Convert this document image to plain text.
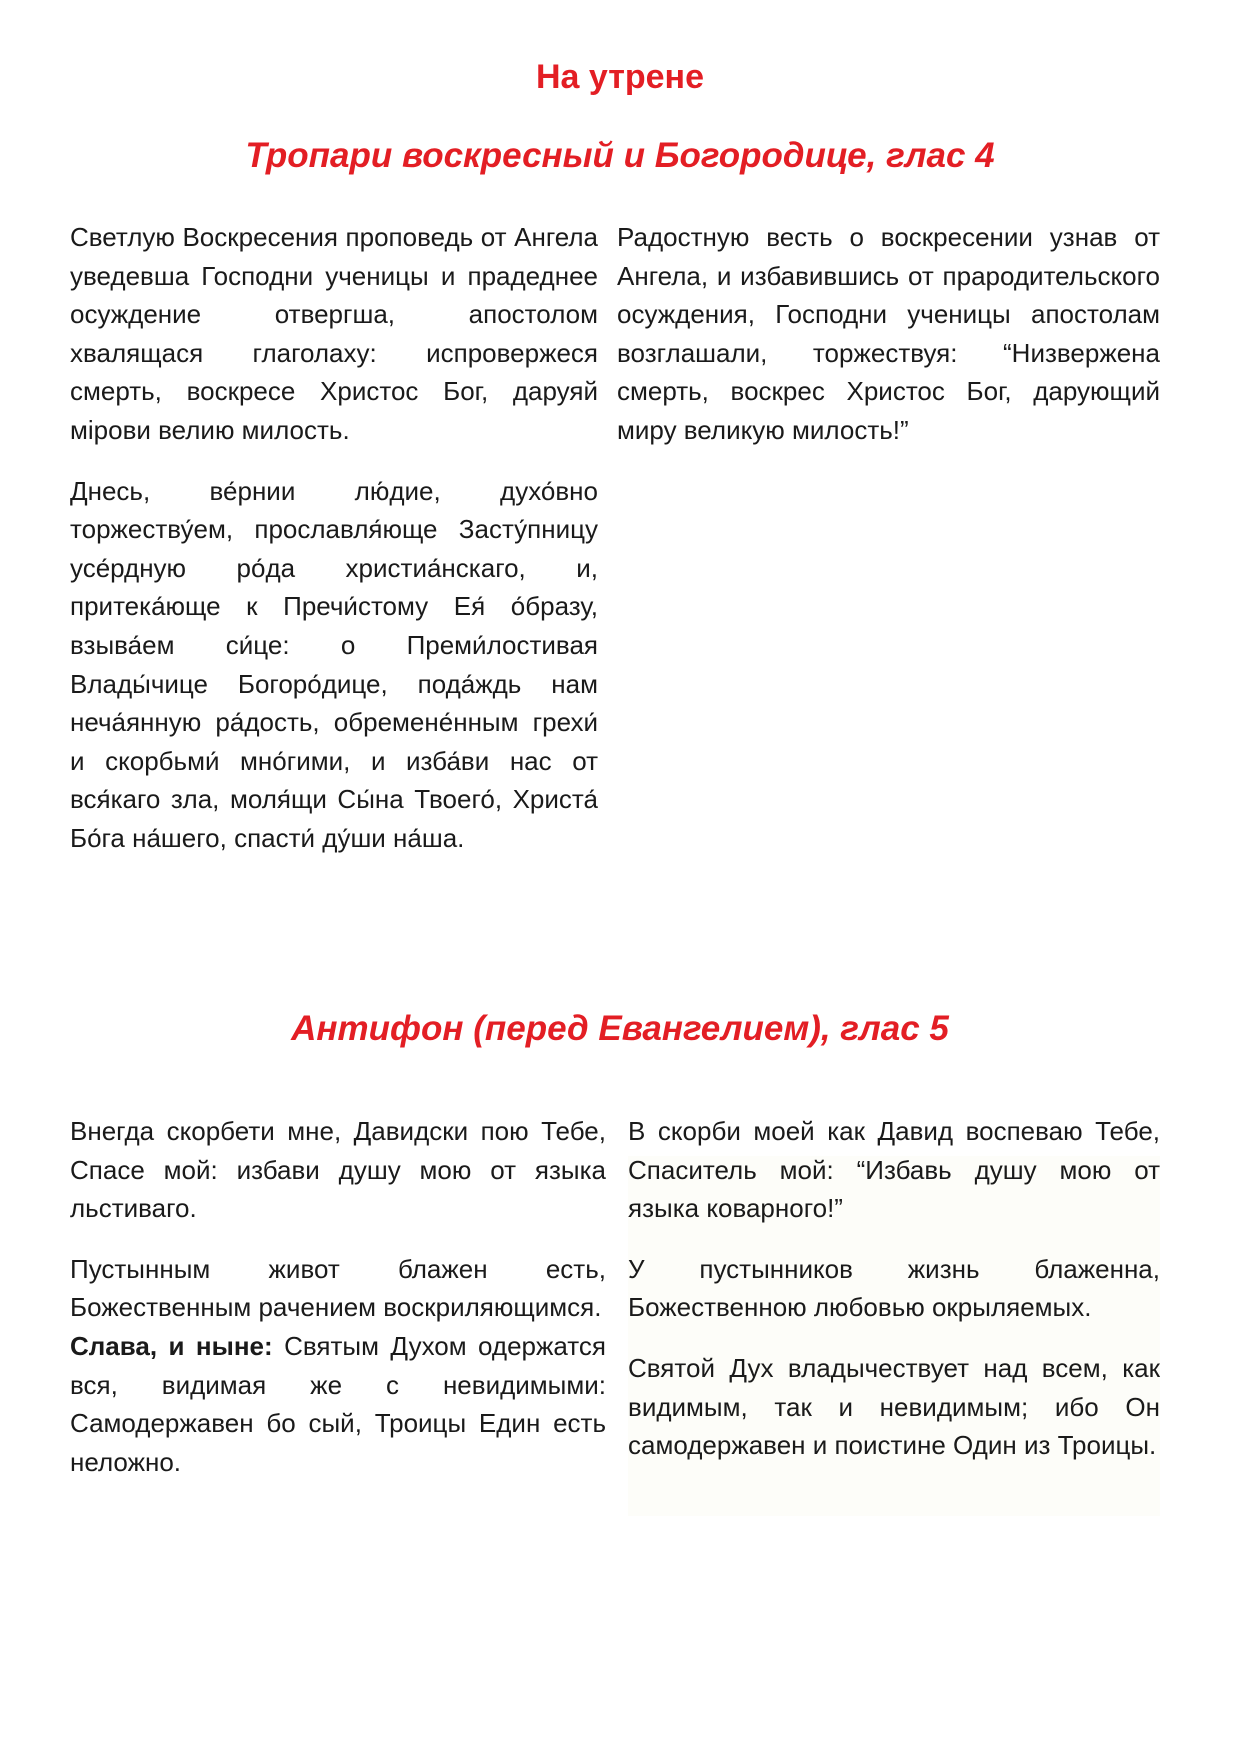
На утрене
Тропари воскресный и Богородице, глас 4

Светлую Воскресения проповедь от Ангела уведевша Господни ученицы и прадеднее осуждение отвергша, апостолом хвалящася глаголаху: испровержеся смерть, воскресе Христос Бог, даруяй мірови велию милость.

Днесь, ве́рнии лю́дие, духо́вно торжеству́ем, прославля́юще Засту́пницу усе́рдную ро́да христиа́нскаго, и, притека́юще к Пречи́стому Ея́ о́бразу, взыва́ем си́це: о Преми́лостивая Влады́чице Богоро́дице, пода́ждь нам неча́янную ра́дость, обремене́нным грехи́ и скорбьми́ мно́гими, и изба́ви нас от вся́каго зла, моля́щи Сы́на Твоего́, Христа́ Бо́га на́шего, спасти́ ду́ши на́ша.

Радостную весть о воскресении узнав от Ангела, и избавившись от прародительского осуждения, Господни ученицы апостолам возглашали, торжествуя: “Низвержена смерть, воскрес Христос Бог, дарующий миру великую милость!”

Антифон (перед Евангелием), глас 5

Внегда скорбети мне, Давидски пою Тебе, Спасе мой: избави душу мою от языка льстиваго.

Пустынным живот блажен есть, Божественным рачением воскриляющимся.

Слава, и ныне: Святым Духом одержатся вся, видимая же с невидимыми: Самодержавен бо сый, Троицы Един есть неложно.

В скорби моей как Давид воспеваю Тебе, Спаситель мой: “Избавь душу мою от языка коварного!”

У пустынников жизнь блаженна, Божественною любовью окрыляемых.

Святой Дух владычествует над всем, как видимым, так и невидимым; ибо Он самодержавен и поистине Один из Троицы.
